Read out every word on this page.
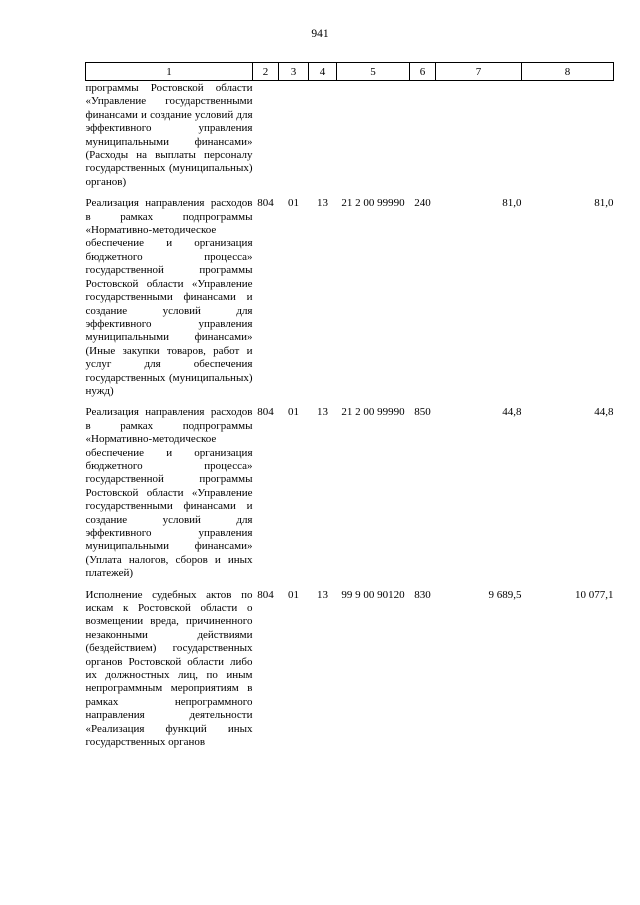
941
1	2	3	4	5	6	7	8
программы Ростовской области «Управление государственными финансами и создание условий для эффективного управления муниципальными финансами» (Расходы на выплаты персоналу государственных (муниципальных) органов)							
Реализация направления расходов в рамках подпрограммы «Нормативно-методическое обеспечение и организация бюджетного процесса» государственной программы Ростовской области «Управление государственными финансами и создание условий для эффективного управления муниципальными финансами» (Иные закупки товаров, работ и услуг для обеспечения государственных (муниципальных) нужд)	804	01	13	21 2 00 99990	240	81,0	81,0
Реализация направления расходов в рамках подпрограммы «Нормативно-методическое обеспечение и организация бюджетного процесса» государственной программы Ростовской области «Управление государственными финансами и создание условий для эффективного управления муниципальными финансами» (Уплата налогов, сборов и иных платежей)	804	01	13	21 2 00 99990	850	44,8	44,8
Исполнение судебных актов по искам к Ростовской области о возмещении вреда, причиненного незаконными действиями (бездействием) государственных органов Ростовской области либо их должностных лиц, по иным непрограммным мероприятиям в рамках непрограммного направления деятельности «Реализация функций иных государственных органов	804	01	13	99 9 00 90120	830	9 689,5	10 077,1
